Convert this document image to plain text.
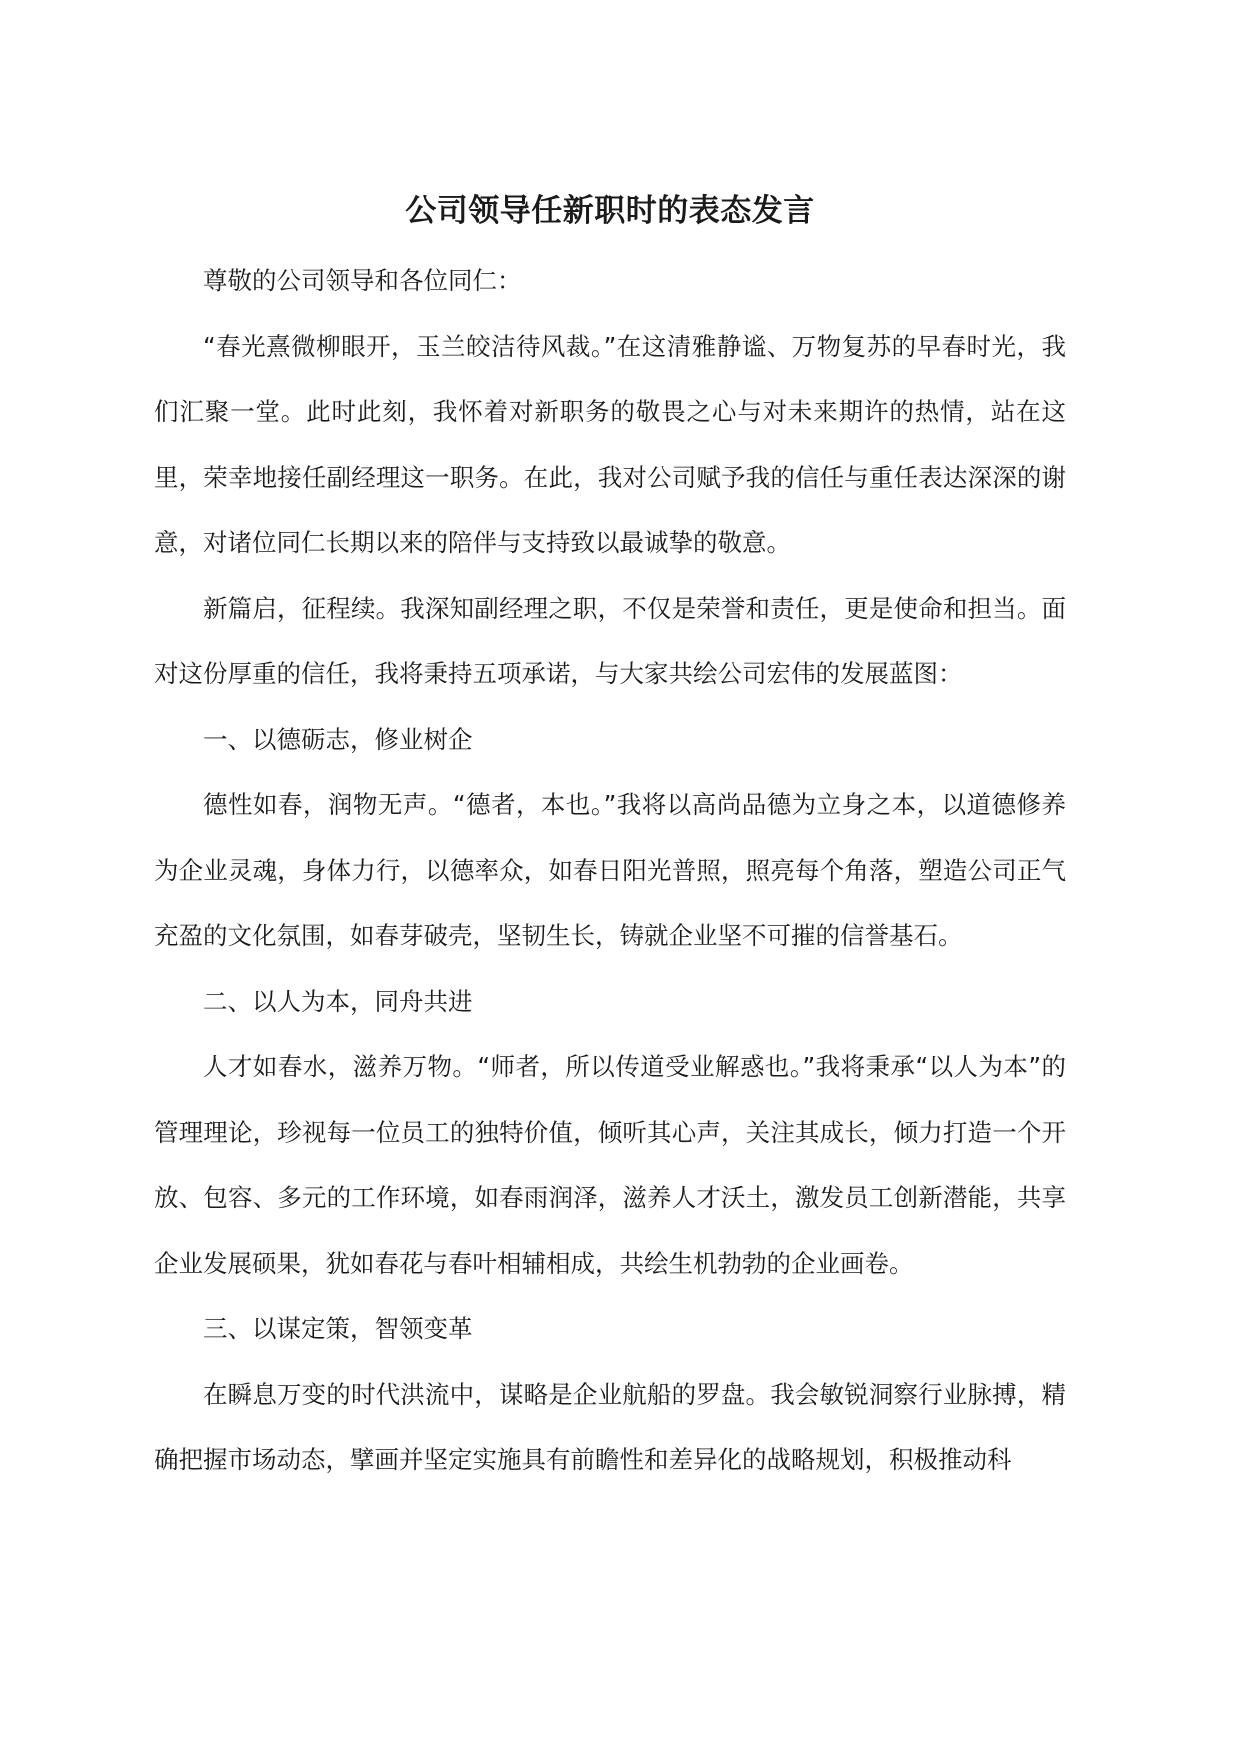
公司领导任新职时的表态发言

尊敬的公司领导和各位同仁：

“春光熹微柳眼开，玉兰皎洁待风裁。”在这清雅静谧、万物复苏的早春时光，我们汇聚一堂。此时此刻，我怀着对新职务的敬畏之心与对未来期许的热情，站在这里，荣幸地接任副经理这一职务。在此，我对公司赋予我的信任与重任表达深深的谢意，对诸位同仁长期以来的陪伴与支持致以最诚挚的敬意。

新篇启，征程续。我深知副经理之职，不仅是荣誉和责任，更是使命和担当。面对这份厚重的信任，我将秉持五项承诺，与大家共绘公司宏伟的发展蓝图：

一、以德砺志，修业树企

德性如春，润物无声。“德者，本也。”我将以高尚品德为立身之本，以道德修养为企业灵魂，身体力行，以德率众，如春日阳光普照，照亮每个角落，塑造公司正气充盈的文化氛围，如春芽破壳，坚韧生长，铸就企业坚不可摧的信誉基石。

二、以人为本，同舟共进

人才如春水，滋养万物。“师者，所以传道受业解惑也。”我将秉承“以人为本”的管理理论，珍视每一位员工的独特价值，倾听其心声，关注其成长，倾力打造一个开放、包容、多元的工作环境，如春雨润泽，滋养人才沃土，激发员工创新潜能，共享企业发展硕果，犹如春花与春叶相辅相成，共绘生机勃勃的企业画卷。

三、以谋定策，智领变革

在瞬息万变的时代洪流中，谋略是企业航船的罗盘。我会敏锐洞察行业脉搏，精确把握市场动态，擘画并坚定实施具有前瞻性和差异化的战略规划，积极推动科
